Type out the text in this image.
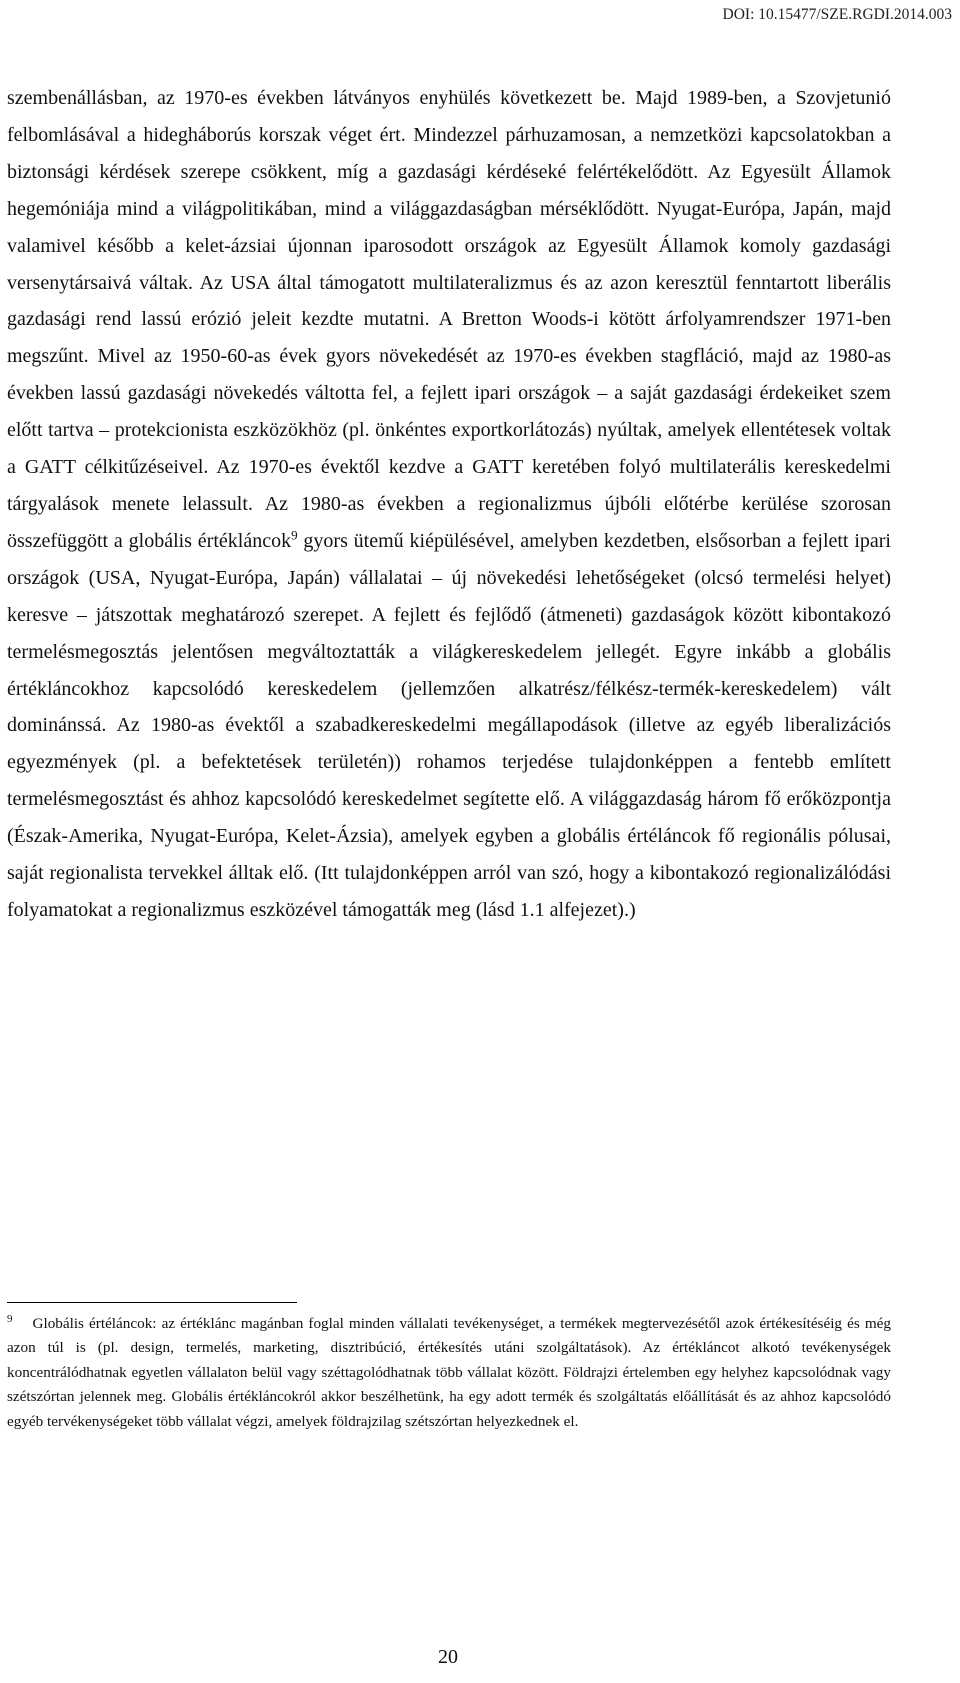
DOI: 10.15477/SZE.RGDI.2014.003

szembenállásban, az 1970-es években látványos enyhülés következett be. Majd 1989-ben, a Szovjetunió felbomlásával a hidegháborús korszak véget ért. Mindezzel párhuzamosan, a nemzetközi kapcsolatokban a biztonsági kérdések szerepe csökkent, míg a gazdasági kérdéseké felértékelődött. Az Egyesült Államok hegemóniája mind a világpolitikában, mind a világgazdaságban mérséklődött. Nyugat-Európa, Japán, majd valamivel később a kelet-ázsiai újonnan iparosodott országok az Egyesült Államok komoly gazdasági versenytársaivá váltak. Az USA által támogatott multilateralizmus és az azon keresztül fenntartott liberális gazdasági rend lassú erózió jeleit kezdte mutatni. A Bretton Woods-i kötött árfolyamrendszer 1971-ben megszűnt. Mivel az 1950-60-as évek gyors növekedését az 1970-es években stagfláció, majd az 1980-as években lassú gazdasági növekedés váltotta fel, a fejlett ipari országok – a saját gazdasági érdekeiket szem előtt tartva – protekcionista eszközökhöz (pl. önkéntes exportkorlátozás) nyúltak, amelyek ellentétesek voltak a GATT célkitűzéseivel. Az 1970-es évektől kezdve a GATT keretében folyó multilaterális kereskedelmi tárgyalások menete lelassult. Az 1980-as években a regionalizmus újbóli előtérbe kerülése szorosan összefüggött a globális értékláncok$^9$ gyors ütemű kiépülésével, amelyben kezdetben, elsősorban a fejlett ipari országok (USA, Nyugat-Európa, Japán) vállalatai – új növekedési lehetőségeket (olcsó termelési helyet) keresve – játszottak meghatározó szerepet. A fejlett és fejlődő (átmeneti) gazdaságok között kibontakozó termelésmegosztás jelentősen megváltoztatták a világkereskedelem jellegét. Egyre inkább a globális értékláncokhoz kapcsolódó kereskedelem (jellemzően alkatrész/félkész-termék-kereskedelem) vált dominánssá. Az 1980-as évektől a szabadkereskedelmi megállapodások (illetve az egyéb liberalizációs egyezmények (pl. a befektetések területén)) rohamos terjedése tulajdonképpen a fentebb említett termelésmegosztást és ahhoz kapcsolódó kereskedelmet segítette elő. A világgazdaság három fő erőközpontja (Észak-Amerika, Nyugat-Európa, Kelet-Ázsia), amelyek egyben a globális értéláncok fő regionális pólusai, saját regionalista tervekkel álltak elő. (Itt tulajdonképpen arról van szó, hogy a kibontakozó regionalizálódási folyamatokat a regionalizmus eszközével támogatták meg (lásd 1.1 alfejezet).)

$^9$ Globális értéláncok: az értéklánc magánban foglal minden vállalati tevékenységet, a termékek megtervezésétől azok értékesítéséig és még azon túl is (pl. design, termelés, marketing, disztribúció, értékesítés utáni szolgáltatások). Az értékláncot alkotó tevékenységek koncentrálódhatnak egyetlen vállalaton belül vagy széttagolódhatnak több vállalat között. Földrajzi értelemben egy helyhez kapcsolódnak vagy szétszórtan jelennek meg. Globális értékláncokról akkor beszélhetünk, ha egy adott termék és szolgáltatás előállítását és az ahhoz kapcsolódó egyéb tervékenységeket több vállalat végzi, amelyek földrajzilag szétszórtan helyezkednek el.

20
